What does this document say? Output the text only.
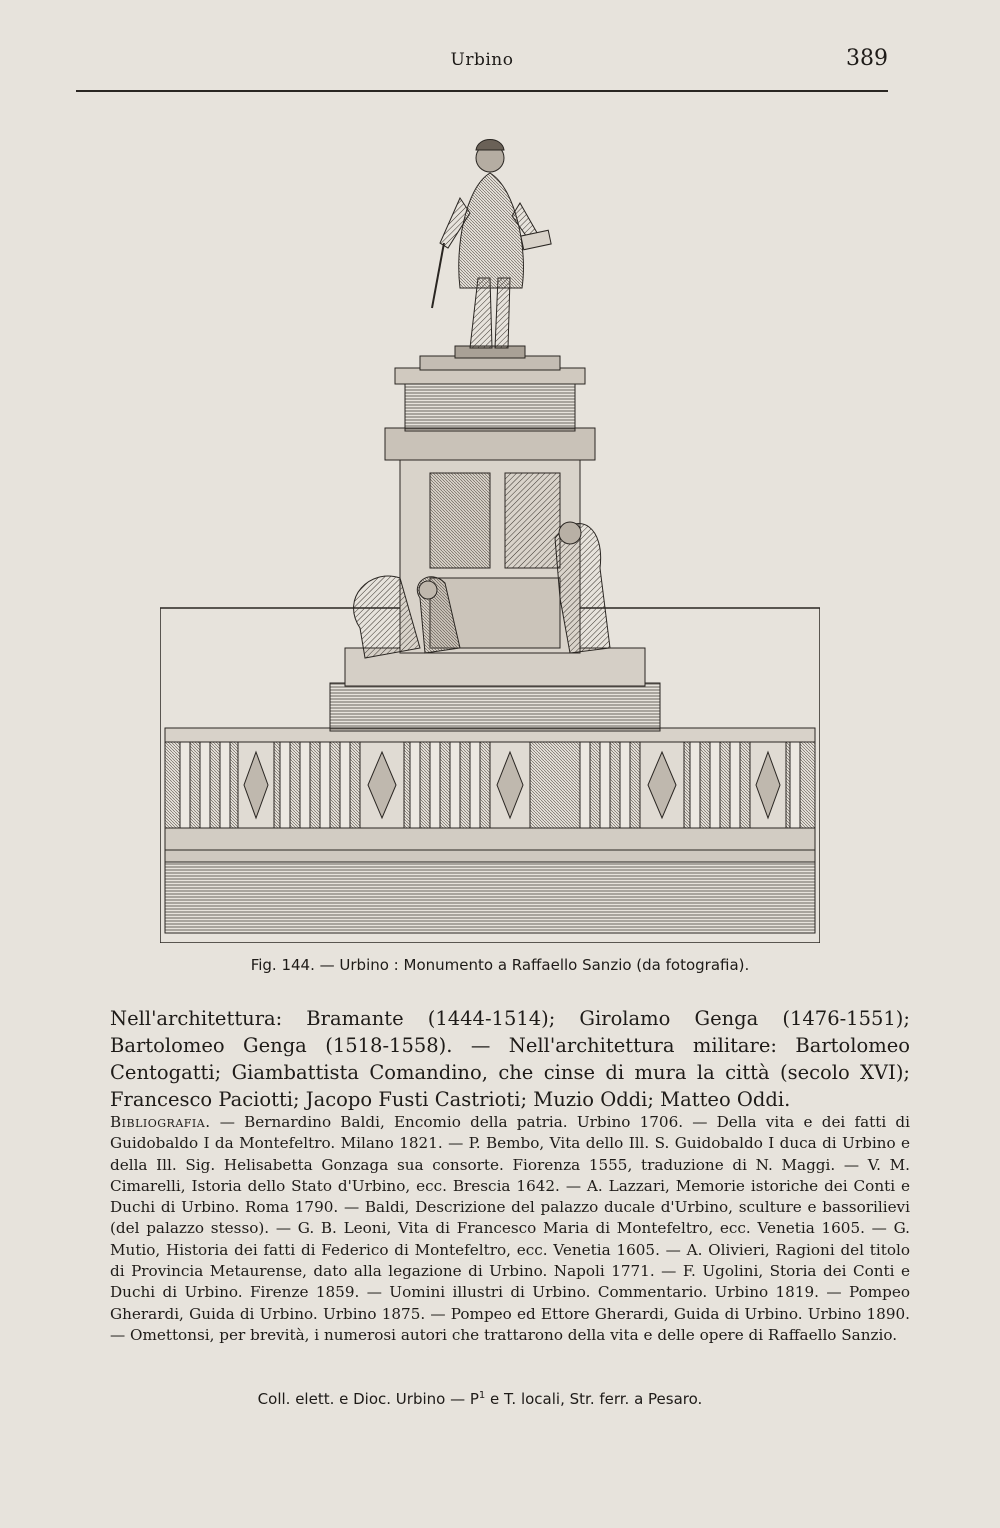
Urbino	389
Fig. 144. — Urbino : Monumento a Raffaello Sanzio (da fotografia).
Nell'architettura: Bramante (1444-1514); Girolamo Genga (1476-1551); Bartolomeo Genga (1518-1558). — Nell'architettura militare: Bartolomeo Centogatti; Giambattista Comandino, che cinse di mura la città (secolo XVI); Francesco Paciotti; Jacopo Fusti Castrioti; Muzio Oddi; Matteo Oddi.
Bibliografia. — Bernardino Baldi, Encomio della patria. Urbino 1706. — Della vita e dei fatti di Guidobaldo I da Montefeltro. Milano 1821. — P. Bembo, Vita dello Ill. S. Guidobaldo I duca di Urbino e della Ill. Sig. Helisabetta Gonzaga sua consorte. Fiorenza 1555, traduzione di N. Maggi. — V. M. Cimarelli, Istoria dello Stato d'Urbino, ecc. Brescia 1642. — A. Lazzari, Memorie istoriche dei Conti e Duchi di Urbino. Roma 1790. — Baldi, Descrizione del palazzo ducale d'Urbino, sculture e bassorilievi (del palazzo stesso). — G. B. Leoni, Vita di Francesco Maria di Montefeltro, ecc. Venetia 1605. — G. Mutio, Historia dei fatti di Federico di Montefeltro, ecc. Venetia 1605. — A. Olivieri, Ragioni del titolo di Provincia Metaurense, dato alla legazione di Urbino. Napoli 1771. — F. Ugolini, Storia dei Conti e Duchi di Urbino. Firenze 1859. — Uomini illustri di Urbino. Commentario. Urbino 1819. — Pompeo Gherardi, Guida di Urbino. Urbino 1875. — Pompeo ed Ettore Gherardi, Guida di Urbino. Urbino 1890. — Omettonsi, per brevità, i numerosi autori che trattarono della vita e delle opere di Raffaello Sanzio.
Coll. elett. e Dioc. Urbino — $P^1$ e T. locali, Str. ferr. a Pesaro.
